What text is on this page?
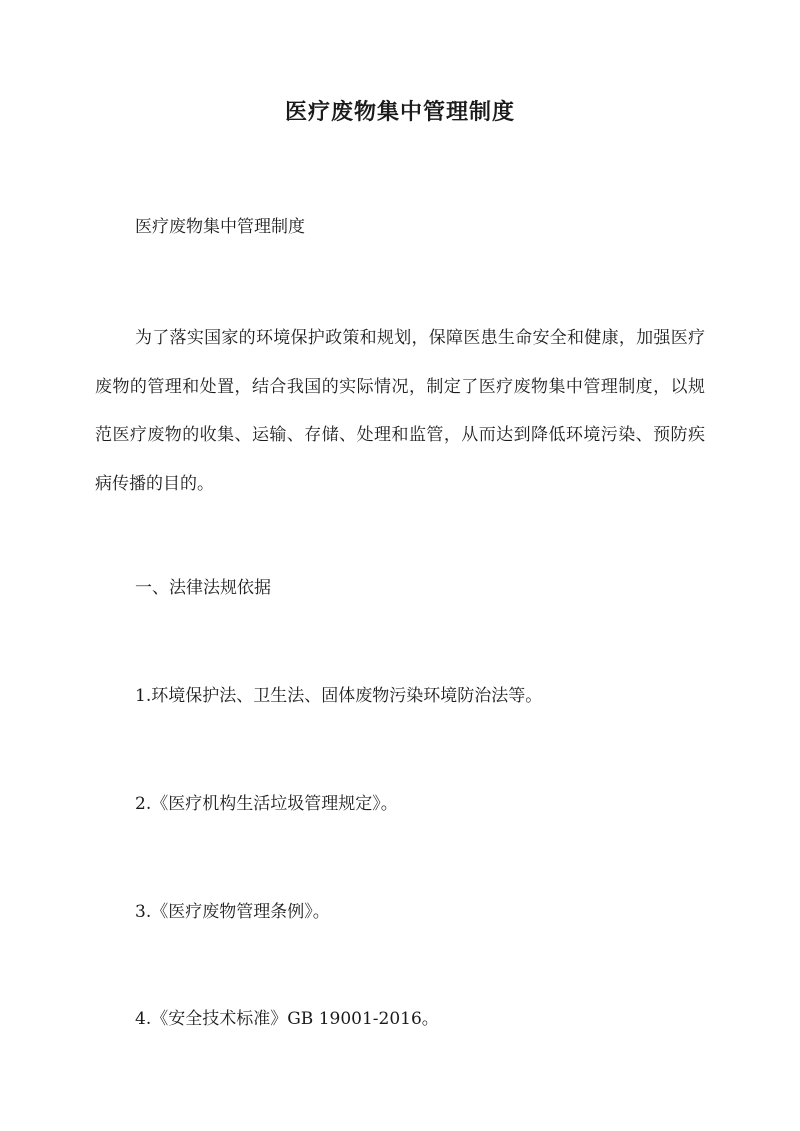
医疗废物集中管理制度
医疗废物集中管理制度

为了落实国家的环境保护政策和规划，保障医患生命安全和健康，加强医疗废物的管理和处置，结合我国的实际情况，制定了医疗废物集中管理制度，以规范医疗废物的收集、运输、存储、处理和监管，从而达到降低环境污染、预防疾病传播的目的。

一、法律法规依据
1.环境保护法、卫生法、固体废物污染环境防治法等。
2.《医疗机构生活垃圾管理规定》。
3.《医疗废物管理条例》。
4.《安全技术标准》GB 19001-2016。
